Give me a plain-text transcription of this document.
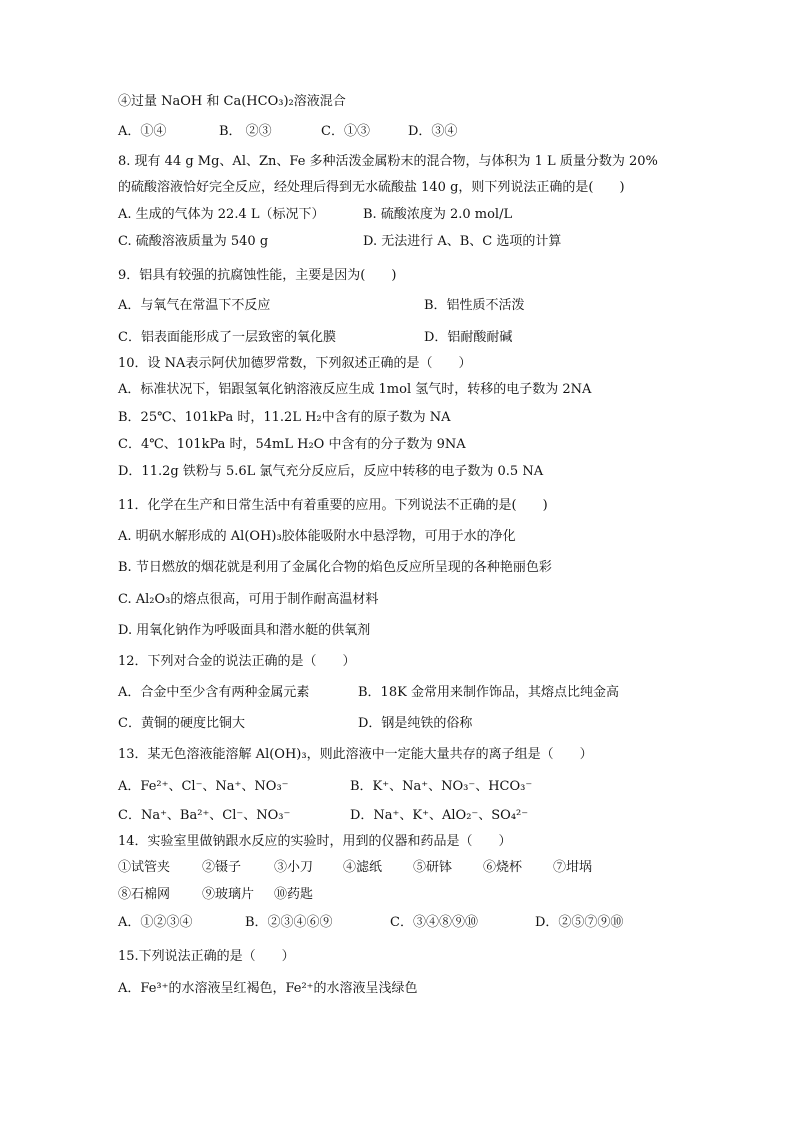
④过量 NaOH 和 Ca(HCO₃)₂溶液混合
A．①④	B． ②③	C．①③	D．③④
8. 现有 44 g Mg、Al、Zn、Fe 多种活泼金属粉末的混合物，与体积为 1 L 质量分数为 20%
的硫酸溶液恰好完全反应，经处理后得到无水硫酸盐 140 g，则下列说法正确的是(　　)
A. 生成的气体为 22.4 L（标况下）	B. 硫酸浓度为 2.0 mol/L
C. 硫酸溶液质量为 540 g	D. 无法进行 A、B、C 选项的计算
9．铝具有较强的抗腐蚀性能，主要是因为(　　)
A．与氧气在常温下不反应	B．铝性质不活泼
C．铝表面能形成了一层致密的氧化膜	D．铝耐酸耐碱
10．设 NA表示阿伏加德罗常数，下列叙述正确的是（　　）
A．标准状况下，铝跟氢氧化钠溶液反应生成 1mol 氢气时，转移的电子数为 2NA
B．25℃、101kPa 时，11.2L H₂中含有的原子数为 NA
C．4℃、101kPa 时，54mL H₂O 中含有的分子数为 9NA
D．11.2g 铁粉与 5.6L 氯气充分反应后，反应中转移的电子数为 0.5 NA
11．化学在生产和日常生活中有着重要的应用。下列说法不正确的是(　　)
A. 明矾水解形成的 Al(OH)₃胶体能吸附水中悬浮物，可用于水的净化
B. 节日燃放的烟花就是利用了金属化合物的焰色反应所呈现的各种艳丽色彩
C. Al₂O₃的熔点很高，可用于制作耐高温材料
D. 用氧化钠作为呼吸面具和潜水艇的供氧剂
12．下列对合金的说法正确的是（　　）
A．合金中至少含有两种金属元素	B．18K 金常用来制作饰品，其熔点比纯金高
C．黄铜的硬度比铜大	D．钢是纯铁的俗称
13．某无色溶液能溶解 Al(OH)₃，则此溶液中一定能大量共存的离子组是（　　）
A．Fe²⁺、Cl⁻、Na⁺、NO₃⁻	B．K⁺、Na⁺、NO₃⁻、HCO₃⁻
C．Na⁺、Ba²⁺、Cl⁻、NO₃⁻	D．Na⁺、K⁺、AlO₂⁻、SO₄²⁻
14．实验室里做钠跟水反应的实验时，用到的仪器和药品是（　　）
①试管夹 ②镊子	③小刀 ④滤纸 ⑤研钵 ⑥烧杯 ⑦坩埚
⑧石棉网 ⑨玻璃片 ⑩药匙
A．①②③④	B．②③④⑥⑨	C．③④⑧⑨⑩	D．②⑤⑦⑨⑩
15.下列说法正确的是（　　）
A．Fe³⁺的水溶液呈红褐色，Fe²⁺的水溶液呈浅绿色
